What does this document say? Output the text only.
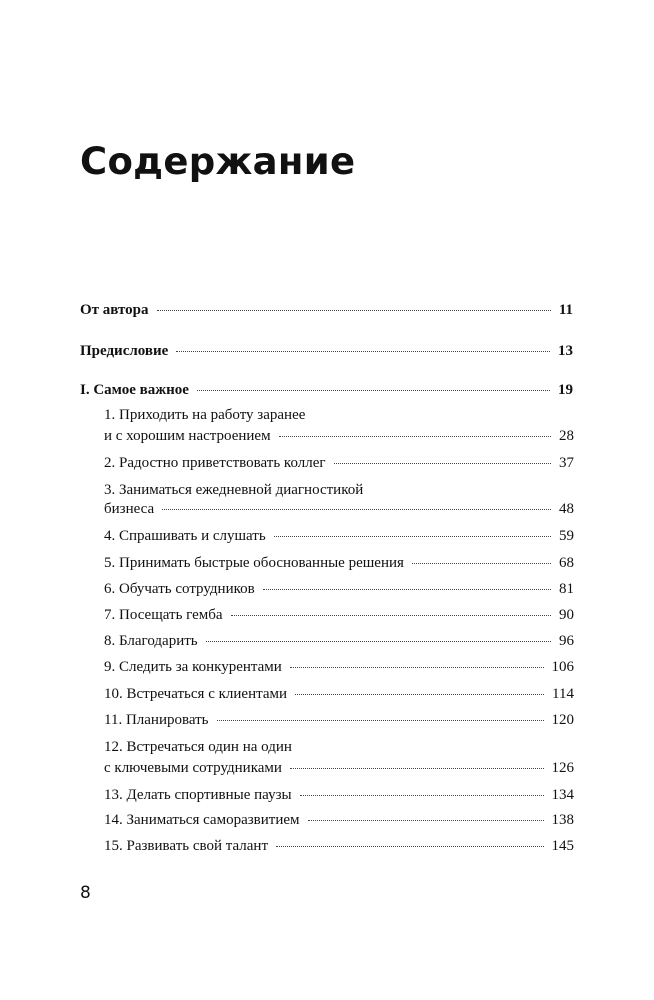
Содержание
От автора	11
Предисловие	13
I. Самое важное	19
1. Приходить на работу заранее
и с хорошим настроением	28
2. Радостно приветствовать коллег	37
3. Заниматься ежедневной диагностикой
бизнеса	48
4. Спрашивать и слушать	59
5. Принимать быстрые обоснованные решения	68
6. Обучать сотрудников	81
7. Посещать гемба	90
8. Благодарить	96
9. Следить за конкурентами	106
10. Встречаться с клиентами	114
11. Планировать	120
12. Встречаться один на один
с ключевыми сотрудниками	126
13. Делать спортивные паузы	134
14. Заниматься саморазвитием	138
15. Развивать свой талант	145
8
